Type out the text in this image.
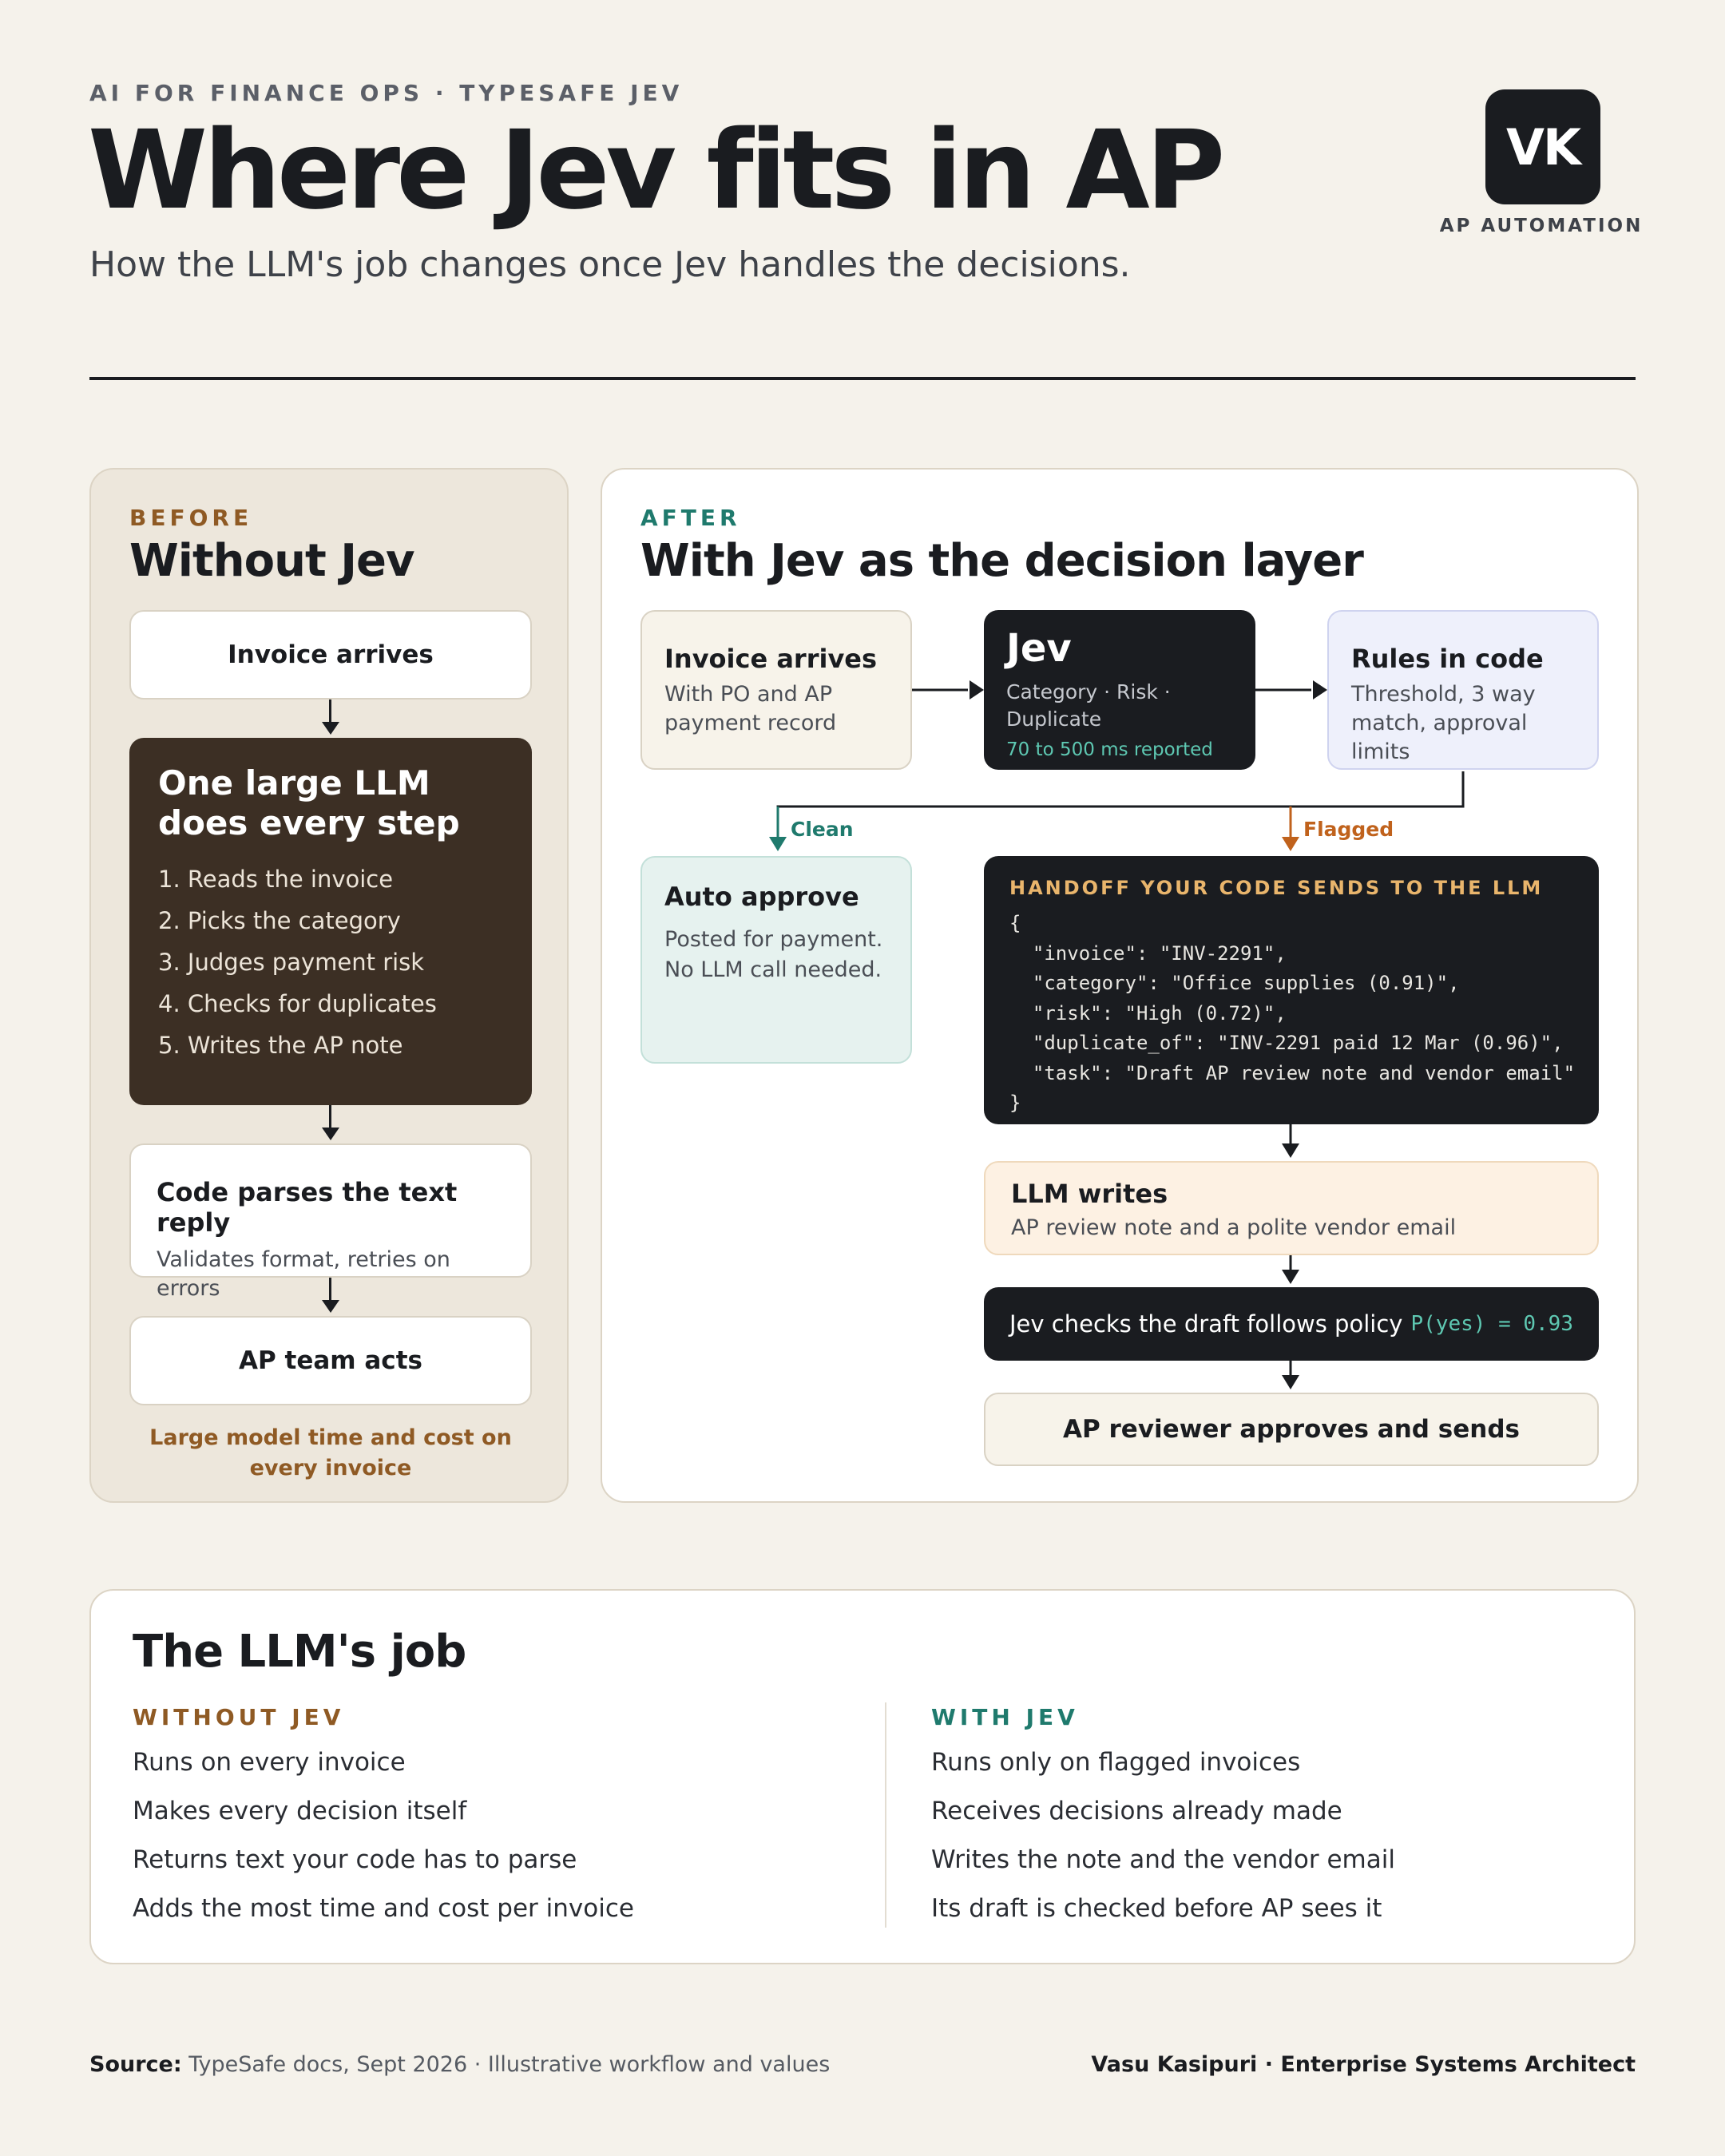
AI FOR FINANCE OPS · TYPESAFE JEV
Where Jev fits in AP
How the LLM's job changes once Jev handles the decisions.
VK
AP AUTOMATION
BEFORE
Without Jev
Invoice arrives
One large LLM does every step
1. Reads the invoice
2. Picks the category
3. Judges payment risk
4. Checks for duplicates
5. Writes the AP note
Code parses the text reply
Validates format, retries on errors
AP team acts
Large model time and cost on every invoice
AFTER
With Jev as the decision layer
Invoice arrives
With PO and AP payment record
Jev
Category · Risk · Duplicate
70 to 500 ms reported
Rules in code
Threshold, 3 way match, approval limits
Clean	Flagged
Auto approve
Posted for payment. No LLM call needed.
HANDOFF YOUR CODE SENDS TO THE LLM
{
"invoice": "INV-2291",
"category": "Office supplies (0.91)",
"risk": "High (0.72)",
"duplicate_of": "INV-2291 paid 12 Mar (0.96)",
"task": "Draft AP review note and vendor email"
}
LLM writes
AP review note and a polite vendor email
Jev checks the draft follows policy P(yes) = 0.93
AP reviewer approves and sends
The LLM's job
WITHOUT JEV
Runs on every invoice
Makes every decision itself
Returns text your code has to parse
Adds the most time and cost per invoice
WITH JEV
Runs only on flagged invoices
Receives decisions already made
Writes the note and the vendor email
Its draft is checked before AP sees it
Source: TypeSafe docs, Sept 2026 · Illustrative workflow and values	Vasu Kasipuri · Enterprise Systems Architect
